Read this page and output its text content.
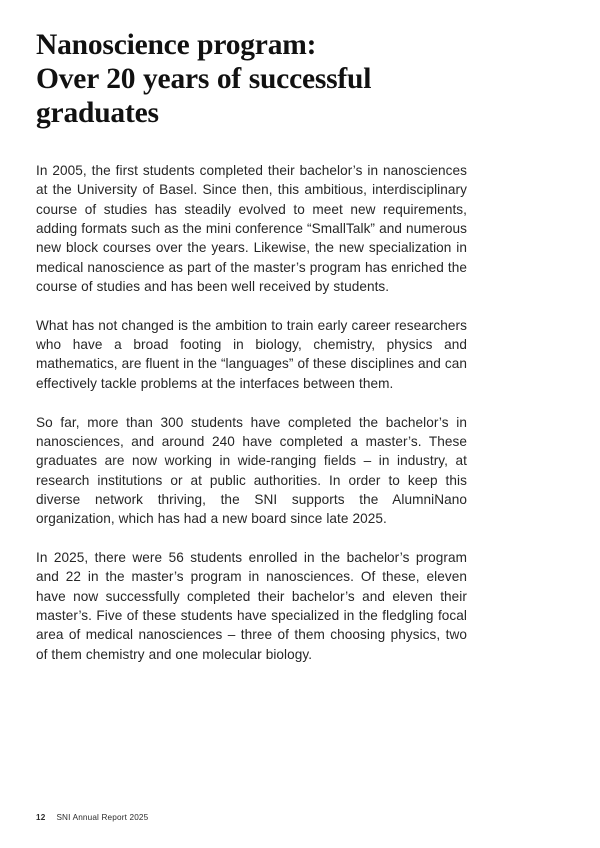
Nanoscience program:
Over 20 years of successful
graduates

In 2005, the first students completed their bachelor’s in nanosciences at the University of Basel. Since then, this ambitious, interdisciplinary course of studies has steadily evolved to meet new requirements, adding formats such as the mini conference “SmallTalk” and numerous new block courses over the years. Likewise, the new specialization in medical nanoscience as part of the master’s program has enriched the course of studies and has been well received by students.

What has not changed is the ambition to train early career researchers who have a broad footing in biology, chemistry, physics and mathematics, are fluent in the “languages” of these disciplines and can effectively tackle problems at the interfaces between them.

So far, more than 300 students have completed the bachelor’s in nanosciences, and around 240 have completed a master’s. These graduates are now working in wide-ranging fields – in industry, at research institutions or at public authorities. In order to keep this diverse network thriving, the SNI supports the AlumniNano organization, which has had a new board since late 2025.

In 2025, there were 56 students enrolled in the bachelor’s program and 22 in the master’s program in nanosciences. Of these, eleven have now successfully completed their bachelor’s and eleven their master’s. Five of these students have specialized in the fledgling focal area of medical nanosciences – three of them choosing physics, two of them chemistry and one molecular biology.

12 SNI Annual Report 2025
